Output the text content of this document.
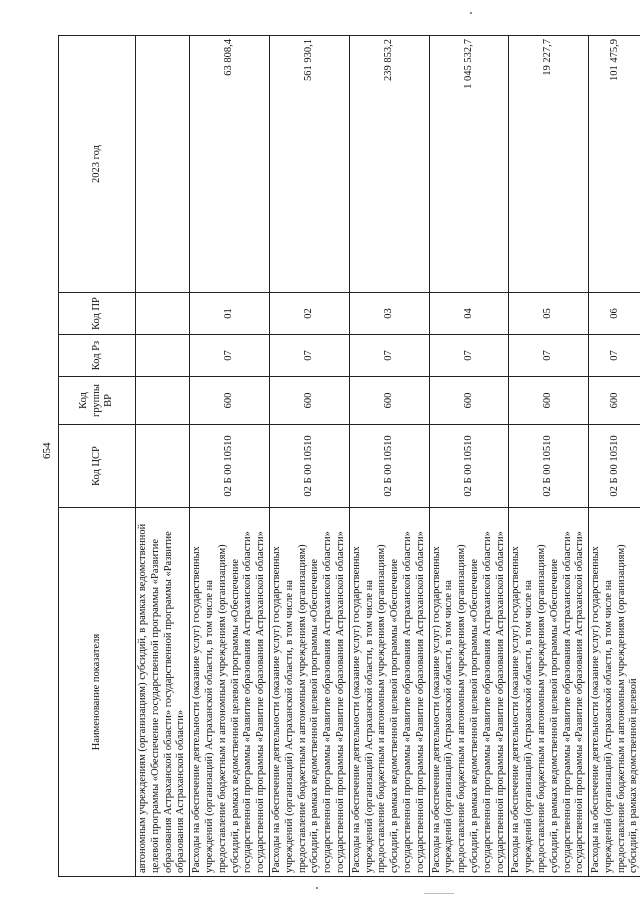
654
Наименование показателя	Код ЦСР	Код группы ВР	Код Рз	Код ПР	2023 год
автономным учреждениям (организациям) субсидий, в рамках ведомственной целевой программы «Обеспечение государственной программы «Развитие образования Астраханской области» государственной программы «Развитие образования Астраханской области»					
Расходы на обеспечение деятельности (оказание услуг) государственных учреждений (организаций) Астраханской области, в том числе на предоставление бюджетным и автономным учреждениям (организациям) субсидий, в рамках ведомственной целевой программы «Обеспечение государственной программы «Развитие образования Астраханской области» государственной программы «Развитие образования Астраханской области»	02 Б 00 10510	600	07	01	63 808,4
Расходы на обеспечение деятельности (оказание услуг) государственных учреждений (организаций) Астраханской области, в том числе на предоставление бюджетным и автономным учреждениям (организациям) субсидий, в рамках ведомственной целевой программы «Обеспечение государственной программы «Развитие образования Астраханской области» государственной программы «Развитие образования Астраханской области»	02 Б 00 10510	600	07	02	561 930,1
Расходы на обеспечение деятельности (оказание услуг) государственных учреждений (организаций) Астраханской области, в том числе на предоставление бюджетным и автономным учреждениям (организациям) субсидий, в рамках ведомственной целевой программы «Обеспечение государственной программы «Развитие образования Астраханской области» государственной программы «Развитие образования Астраханской области»	02 Б 00 10510	600	07	03	239 853,2
Расходы на обеспечение деятельности (оказание услуг) государственных учреждений (организаций) Астраханской области, в том числе на предоставление бюджетным и автономным учреждениям (организациям) субсидий, в рамках ведомственной целевой программы «Обеспечение государственной программы «Развитие образования Астраханской области» государственной программы «Развитие образования Астраханской области»	02 Б 00 10510	600	07	04	1 045 532,7
Расходы на обеспечение деятельности (оказание услуг) государственных учреждений (организаций) Астраханской области, в том числе на предоставление бюджетным и автономным учреждениям (организациям) субсидий, в рамках ведомственной целевой программы «Обеспечение государственной программы «Развитие образования Астраханской области» государственной программы «Развитие образования Астраханской области»	02 Б 00 10510	600	07	05	19 227,7
Расходы на обеспечение деятельности (оказание услуг) государственных учреждений (организаций) Астраханской области, в том числе на предоставление бюджетным и автономным учреждениям (организациям) субсидий, в рамках ведомственной целевой	02 Б 00 10510	600	07	06	101 475,9
